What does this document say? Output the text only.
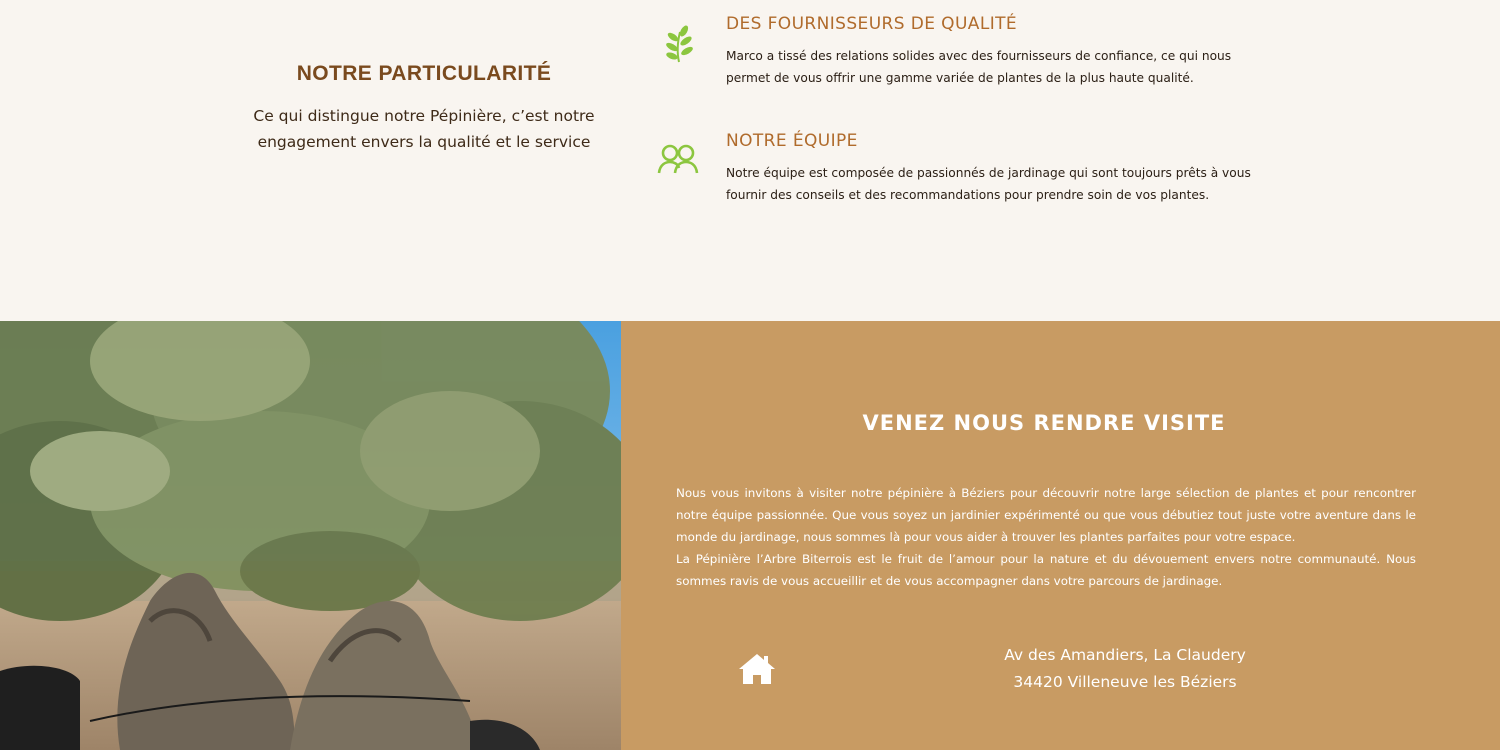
NOTRE PARTICULARITÉ

Ce qui distingue notre Pépinière, c’est notre engagement envers la qualité et le service

DES FOURNISSEURS DE QUALITÉ

Marco a tissé des relations solides avec des fournisseurs de confiance, ce qui nous permet de vous offrir une gamme variée de plantes de la plus haute qualité.

NOTRE ÉQUIPE

Notre équipe est composée de passionnés de jardinage qui sont toujours prêts à vous fournir des conseils et des recommandations pour prendre soin de vos plantes.

VENEZ NOUS RENDRE VISITE

Nous vous invitons à visiter notre pépinière à Béziers pour découvrir notre large sélection de plantes et pour rencontrer notre équipe passionnée. Que vous soyez un jardinier expérimenté ou que vous débutiez tout juste votre aventure dans le monde du jardinage, nous sommes là pour vous aider à trouver les plantes parfaites pour votre espace.
La Pépinière l’Arbre Biterrois est le fruit de l’amour pour la nature et du dévouement envers notre communauté. Nous sommes ravis de vous accueillir et de vous accompagner dans votre parcours de jardinage.

Av des Amandiers, La Claudery
34420 Villeneuve les Béziers
